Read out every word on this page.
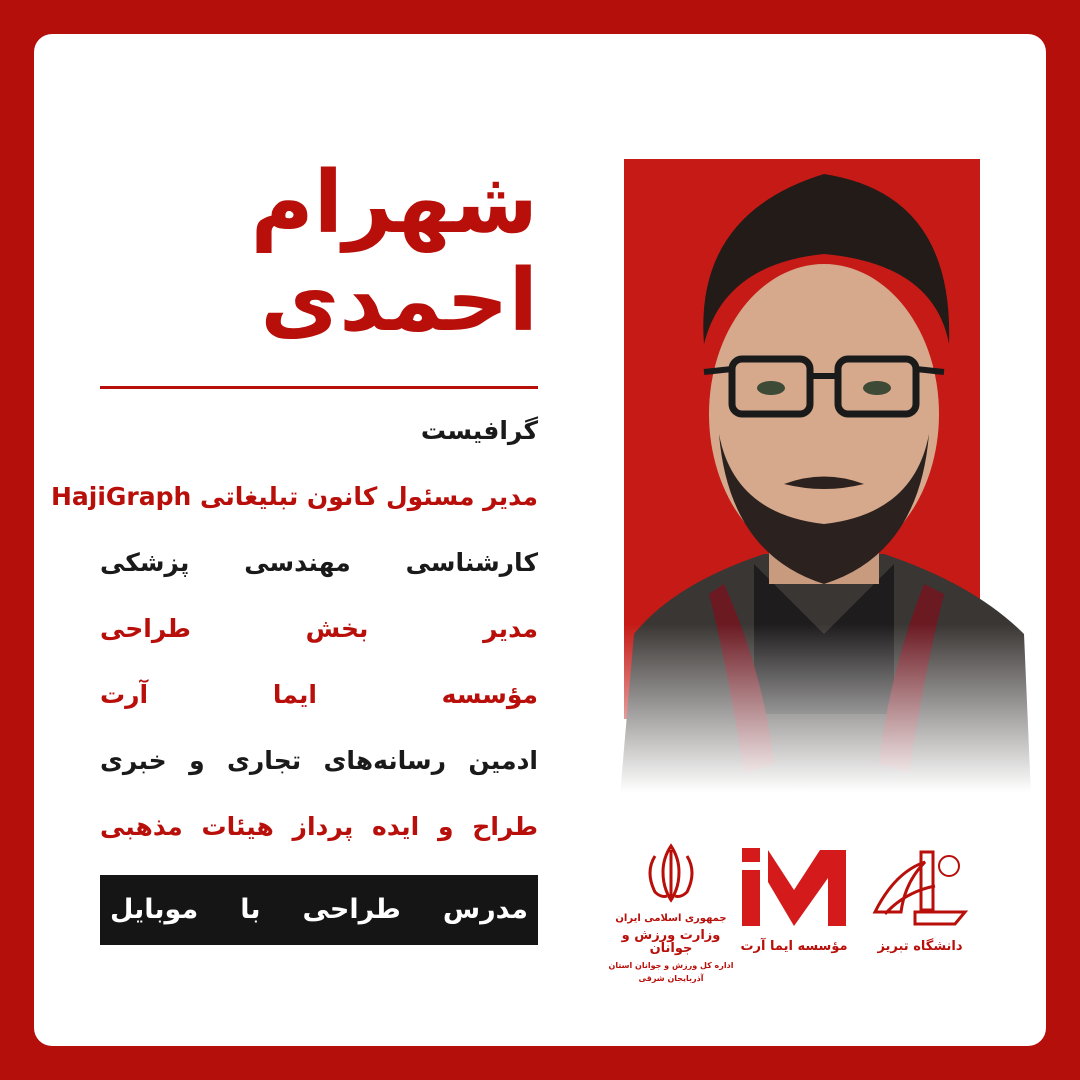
شهرام
احمدی
گرافیست
مدیر مسئول کانون تبلیغاتی HajiGraph
کارشناسی مهندسی پزشکی
مدیر بخش طراحی
مؤسسه ایما آرت
ادمین رسانه‌های تجاری و خبری
طراح و ایده پرداز هیئات مذهبی
مدرس طراحی با موبایل	جمهوری اسلامی ایران
وزارت ورزش و جوانان
اداره کل ورزش و جوانان استان آذربایجان شرقی
مؤسسه ایما آرت	دانشگاه تبریز
